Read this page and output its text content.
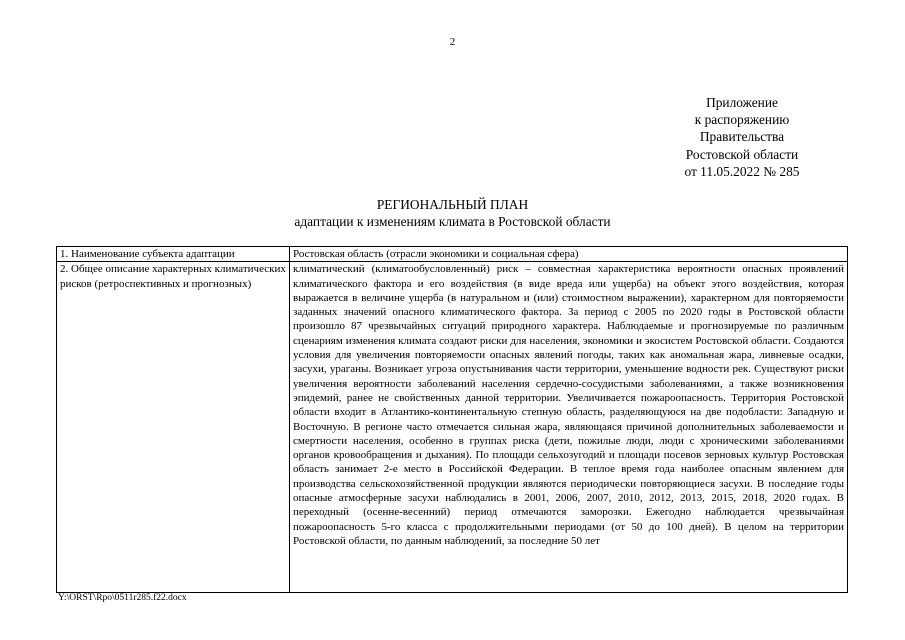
2
Приложение
к распоряжению
Правительства
Ростовской области
от 11.05.2022 № 285
РЕГИОНАЛЬНЫЙ ПЛАН
адаптации к изменениям климата в Ростовской области
1. Наименование субъекта адаптации	Ростовская область (отрасли экономики и социальная сфера)
2. Общее описание характерных климатических рисков (ретроспективных и прогнозных)	климатический (климатообусловленный) риск – совместная характеристика вероятности опасных проявлений климатического фактора и его воздействия (в виде вреда или ущерба) на объект этого воздействия, которая выражается в величине ущерба (в натуральном и (или) стоимостном выражении), характерном для повторяемости заданных значений опасного климатического фактора. За период с 2005 по 2020 годы в Ростовской области произошло 87 чрезвычайных ситуаций природного характера. Наблюдаемые и прогнозируемые по различным сценариям изменения климата создают риски для населения, экономики и экосистем Ростовской области. Создаются условия для увеличения повторяемости опасных явлений погоды, таких как аномальная жара, ливневые осадки, засухи, ураганы. Возникает угроза опустынивания части территории, уменьшение водности рек. Существуют риски увеличения вероятности заболеваний населения сердечно-сосудистыми заболеваниями, а также возникновения эпидемий, ранее не свойственных данной территории. Увеличивается пожароопасность. Территория Ростовской области входит в Атлантико-континентальную степную область, разделяющуюся на две подобласти: Западную и Восточную. В регионе часто отмечается сильная жара, являющаяся причиной дополнительных заболеваемости и смертности населения, особенно в группах риска (дети, пожилые люди, люди с хроническими заболеваниями органов кровообращения и дыхания). По площади сельхозугодий и площади посевов зерновых культур Ростовская область занимает 2-е место в Российской Федерации. В теплое время года наиболее опасным явлением для производства сельскохозяйственной продукции являются периодически повторяющиеся засухи. В последние годы опасные атмосферные засухи наблюдались в 2001, 2006, 2007, 2010, 2012, 2013, 2015, 2018, 2020 годах. В переходный (осенне-весенний) период отмечаются заморозки. Ежегодно наблюдается чрезвычайная пожароопасность 5-го класса с продолжительными периодами (от 50 до 100 дней). В целом на территории Ростовской области, по данным наблюдений, за последние 50 лет
Y:\ORST\Rpo\0511r285.f22.docx
